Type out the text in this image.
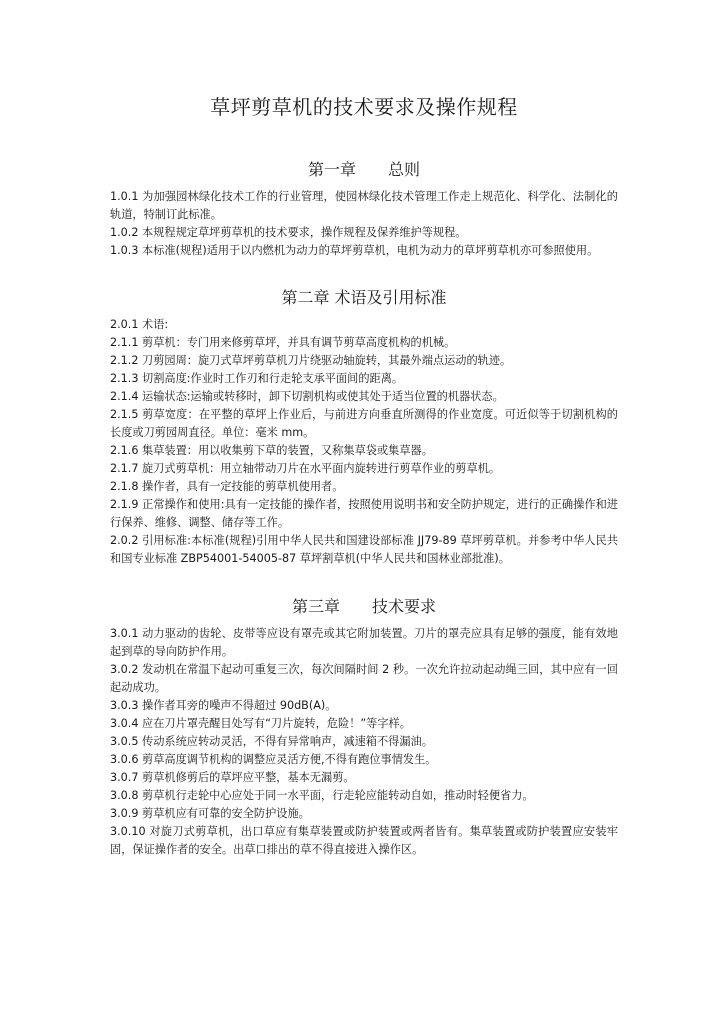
草坪剪草机的技术要求及操作规程
第一章　　总则

1.0.1 为加强园林绿化技术工作的行业管理，使园林绿化技术管理工作走上规范化、科学化、法制化的轨道，特制订此标准。

1.0.2 本规程规定草坪剪草机的技术要求，操作规程及保养维护等规程。

1.0.3 本标准(规程)适用于以内燃机为动力的草坪剪草机，电机为动力的草坪剪草机亦可参照使用。

第二章 术语及引用标准

2.0.1 术语:

2.1.1 剪草机：专门用来修剪草坪，并具有调节剪草高度机构的机械。

2.1.2 刀剪园周：旋刀式草坪剪草机刀片绕驱动轴旋转，其最外端点运动的轨迹。

2.1.3 切割高度:作业时工作刃和行走轮支承平面间的距离。

2.1.4 运输状态:运输或转移时，卸下切割机构或使其处于适当位置的机器状态。

2.1.5 剪草宽度：在平整的草坪上作业后，与前进方向垂直所测得的作业宽度。可近似等于切割机构的长度或刀剪园周直径。单位：毫米 mm。

2.1.6 集草装置：用以收集剪下草的装置，又称集草袋或集草器。

2.1.7 旋刀式剪草机：用立轴带动刀片在水平面内旋转进行剪草作业的剪草机。

2.1.8 操作者，具有一定技能的剪草机使用者。

2.1.9 正常操作和使用:具有一定技能的操作者，按照使用说明书和安全防护规定，进行的正确操作和进行保养、维修、调整、储存等工作。

2.0.2 引用标准:本标准(规程)引用中华人民共和国建设部标准 JJ79-89 草坪剪草机。并参考中华人民共和国专业标准 ZBP54001-54005-87 草坪割草机(中华人民共和国林业部批准)。

第三章　　技术要求

3.0.1 动力驱动的齿轮、皮带等应设有罩壳或其它附加装置。刀片的罩壳应具有足够的强度，能有效地起到草的导向防护作用。

3.0.2 发动机在常温下起动可重复三次，每次间隔时间 2 秒。一次允许拉动起动绳三回，其中应有一回起动成功。

3.0.3 操作者耳旁的噪声不得超过 90dB(A)。

3.0.4 应在刀片罩壳醒目处写有“刀片旋转，危险！”等字样。

3.0.5 传动系统应转动灵活，不得有异常响声，减速箱不得漏油。

3.0.6 剪草高度调节机构的调整应灵活方便,不得有跑位事情发生。

3.0.7 剪草机修剪后的草坪应平整，基本无漏剪。

3.0.8 剪草机行走轮中心应处于同一水平面，行走轮应能转动自如，推动时轻便省力。

3.0.9 剪草机应有可靠的安全防护设施。

3.0.10 对旋刀式剪草机，出口草应有集草装置或防护装置或两者皆有。集草装置或防护装置应安装牢固，保证操作者的安全。出草口排出的草不得直接进入操作区。
